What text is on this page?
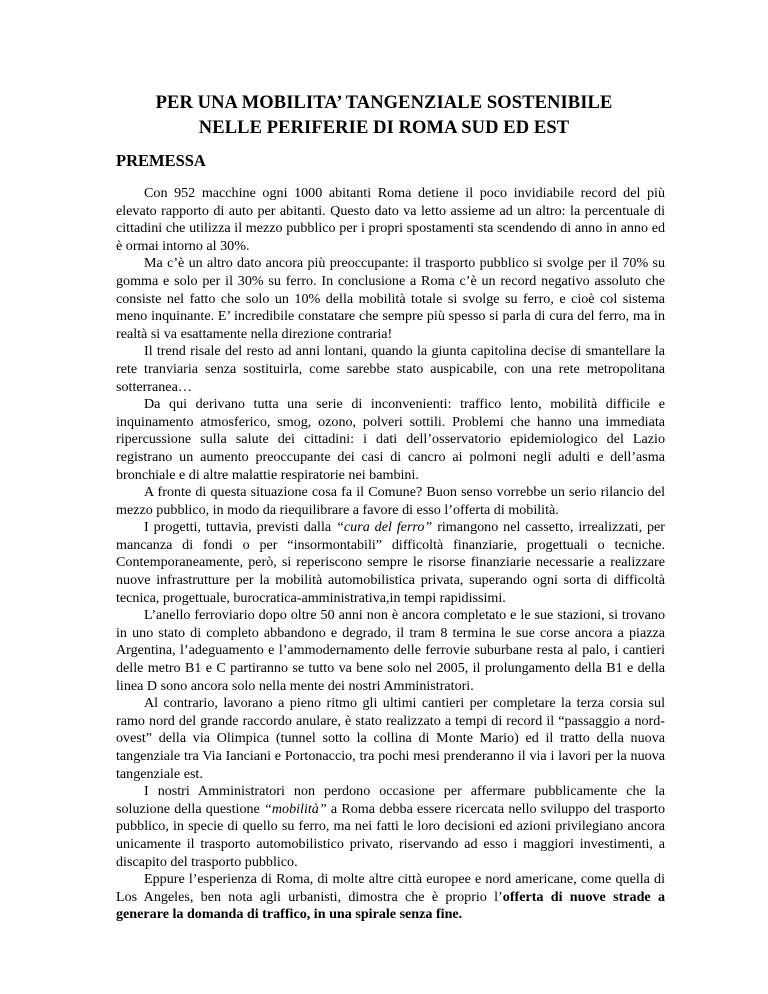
PER UNA MOBILITA’ TANGENZIALE SOSTENIBILE
NELLE PERIFERIE DI ROMA SUD ED EST
PREMESSA

Con 952 macchine ogni 1000 abitanti Roma detiene il poco invidiabile record del più elevato rapporto di auto per abitanti. Questo dato va letto assieme ad un altro: la percentuale di cittadini che utilizza il mezzo pubblico per i propri spostamenti sta scendendo di anno in anno ed è ormai intorno al 30%.

Ma c’è un altro dato ancora più preoccupante: il trasporto pubblico si svolge per il 70% su gomma e solo per il 30% su ferro. In conclusione a Roma c’è un record negativo assoluto che consiste nel fatto che solo un 10% della mobilità totale si svolge su ferro, e cioè col sistema meno inquinante. E’ incredibile constatare che sempre più spesso si parla di cura del ferro, ma in realtà si va esattamente nella direzione contraria!

Il trend risale del resto ad anni lontani, quando la giunta capitolina decise di smantellare la rete tranviaria senza sostituirla, come sarebbe stato auspicabile, con una rete metropolitana sotterranea…

Da qui derivano tutta una serie di inconvenienti: traffico lento, mobilità difficile e inquinamento atmosferico, smog, ozono, polveri sottili. Problemi che hanno una immediata ripercussione sulla salute dei cittadini: i dati dell’osservatorio epidemiologico del Lazio registrano un aumento preoccupante dei casi di cancro ai polmoni negli adulti e dell’asma bronchiale e di altre malattie respiratorie nei bambini.

A fronte di questa situazione cosa fa il Comune? Buon senso vorrebbe un serio rilancio del mezzo pubblico, in modo da riequilibrare a favore di esso l’offerta di mobilità.

I progetti, tuttavia, previsti dalla “cura del ferro” rimangono nel cassetto, irrealizzati, per mancanza di fondi o per “insormontabili” difficoltà finanziarie, progettuali o tecniche. Contemporaneamente, però, si reperiscono sempre le risorse finanziarie necessarie a realizzare nuove infrastrutture per la mobilità automobilistica privata, superando ogni sorta di difficoltà tecnica, progettuale, burocratica-amministrativa,in tempi rapidissimi.

L’anello ferroviario dopo oltre 50 anni non è ancora completato e le sue stazioni, si trovano in uno stato di completo abbandono e degrado, il tram 8 termina le sue corse ancora a piazza Argentina, l’adeguamento e l’ammodernamento delle ferrovie suburbane resta al palo, i cantieri delle metro B1 e C partiranno se tutto va bene solo nel 2005, il prolungamento della B1 e della linea D sono ancora solo nella mente dei nostri Amministratori.

Al contrario, lavorano a pieno ritmo gli ultimi cantieri per completare la terza corsia sul ramo nord del grande raccordo anulare, è stato realizzato a tempi di record il “passaggio a nord-ovest” della via Olimpica (tunnel sotto la collina di Monte Mario) ed il tratto della nuova tangenziale tra Via Ianciani e Portonaccio, tra pochi mesi prenderanno il via i lavori per la nuova tangenziale est.

I nostri Amministratori non perdono occasione per affermare pubblicamente che la soluzione della questione “mobilità” a Roma debba essere ricercata nello sviluppo del trasporto pubblico, in specie di quello su ferro, ma nei fatti le loro decisioni ed azioni privilegiano ancora unicamente il trasporto automobilistico privato, riservando ad esso i maggiori investimenti, a discapito del trasporto pubblico.

Eppure l’esperienza di Roma, di molte altre città europee e nord americane, come quella di Los Angeles, ben nota agli urbanisti, dimostra che è proprio l’offerta di nuove strade a generare la domanda di traffico, in una spirale senza fine.
